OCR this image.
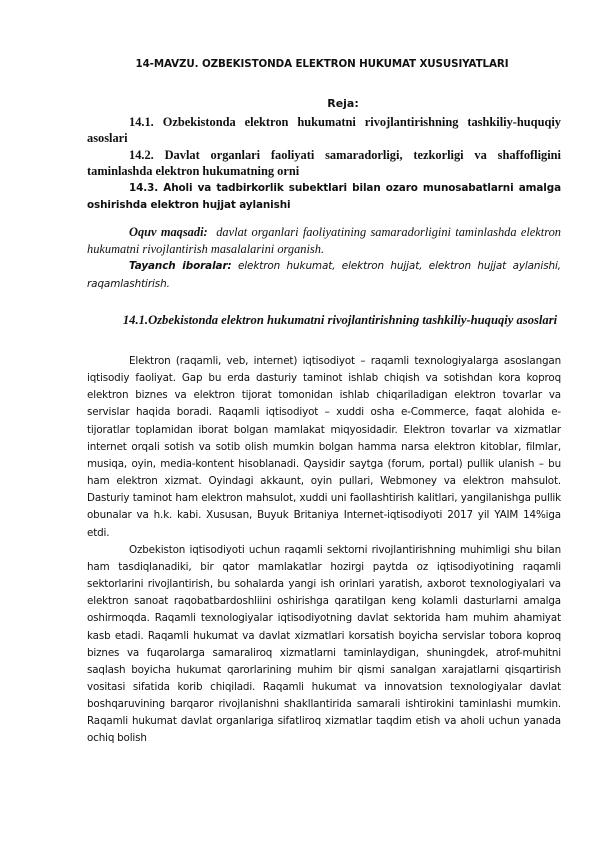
14-MAVZU. OZBEKISTONDA ELEKTRON HUKUMAT XUSUSIYATLARI
Reja:

14.1. Ozbekistonda elektron hukumatni rivojlantirishning tashkiliy-huquqiy asoslari

14.2. Davlat organlari faoliyati samaradorligi, tezkorligi va shaffofligini taminlashda elektron hukumatning orni

14.3. Aholi va tadbirkorlik subektlari bilan ozaro munosabatlarni amalga oshirishda elektron hujjat aylanishi

Oquv maqsadi: davlat organlari faoliyatining samaradorligini taminlashda elektron hukumatni rivojlantirish masalalarini organish.

Tayanch iboralar: elektron hukumat, elektron hujjat, elektron hujjat aylanishi, raqamlashtirish.

14.1.Ozbekistonda elektron hukumatni rivojlantirishning tashkiliy-huquqiy asoslari

Elektron (raqamli, veb, internet) iqtisodiyot – raqamli texnologiyalarga asoslangan iqtisodiy faoliyat. Gap bu erda dasturiy taminot ishlab chiqish va sotishdan kora koproq elektron biznes va elektron tijorat tomonidan ishlab chiqariladigan elektron tovarlar va servislar haqida boradi. Raqamli iqtisodiyot – xuddi osha e-Commerce, faqat alohida e-tijoratlar toplamidan iborat bolgan mamlakat miqyosidadir. Elektron tovarlar va xizmatlar internet orqali sotish va sotib olish mumkin bolgan hamma narsa elektron kitoblar, filmlar, musiqa, oyin, media-kontent hisoblanadi. Qaysidir saytga (forum, portal) pullik ulanish – bu ham elektron xizmat. Oyindagi akkaunt, oyin pullari, Webmoney va elektron mahsulot. Dasturiy taminot ham elektron mahsulot, xuddi uni faollashtirish kalitlari, yangilanishga pullik obunalar va h.k. kabi. Xususan, Buyuk Britaniya Internet-iqtisodiyoti 2017 yil YAIM 14%iga etdi.

Ozbekiston iqtisodiyoti uchun raqamli sektorni rivojlantirishning muhimligi shu bilan ham tasdiqlanadiki, bir qator mamlakatlar hozirgi paytda oz iqtisodiyotining raqamli sektorlarini rivojlantirish, bu sohalarda yangi ish orinlari yaratish, axborot texnologiyalari va elektron sanoat raqobatbardoshliini oshirishga qaratilgan keng kolamli dasturlarni amalga oshirmoqda. Raqamli texnologiyalar iqtisodiyotning davlat sektorida ham muhim ahamiyat kasb etadi. Raqamli hukumat va davlat xizmatlari korsatish boyicha servislar tobora koproq biznes va fuqarolarga samaraliroq xizmatlarni taminlaydigan, shuningdek, atrof-muhitni saqlash boyicha hukumat qarorlarining muhim bir qismi sanalgan xarajatlarni qisqartirish vositasi sifatida korib chiqiladi. Raqamli hukumat va innovatsion texnologiyalar davlat boshqaruvining barqaror rivojlanishni shakllantirida samarali ishtirokini taminlashi mumkin. Raqamli hukumat davlat organlariga sifatliroq xizmatlar taqdim etish va aholi uchun yanada ochiq bolish
